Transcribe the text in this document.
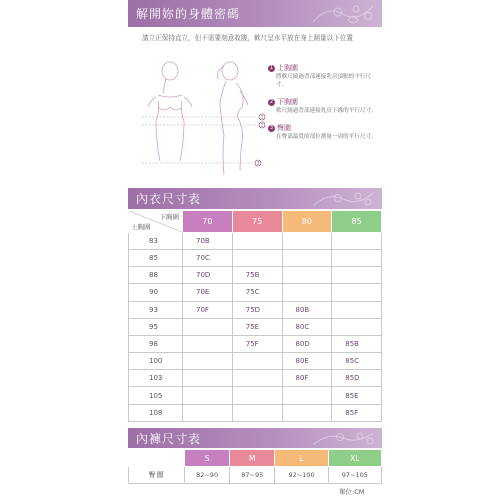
解開妳的身體密碼
請立正保持直立，但不需要刻意收腹，軟尺呈水平放在身上測量以下位置
1
2
3
1 上胸圍
將軟尺繞過背部連接乳房頂點的平行尺寸。
2 下胸圍
軟尺繞過背部連接乳房下緣的平行尺寸。
3 臀圍
在臀部最寬的部位測量一周的平行尺寸。
內衣尺寸表
下胸圍
上胸圍	70	75	80	85
83	70B			
85	70C			
88	70D	75B		
90	70E	75C		
93	70F	75D	80B	
95		75E	80C	
98		75F	80D	85B
100			80E	85C
103			80F	85D
105				85E
108				85F
內褲尺寸表
Order size	S	M	L	XL
臀圍	82~90	87~95	92~100	97~105
單位:CM
